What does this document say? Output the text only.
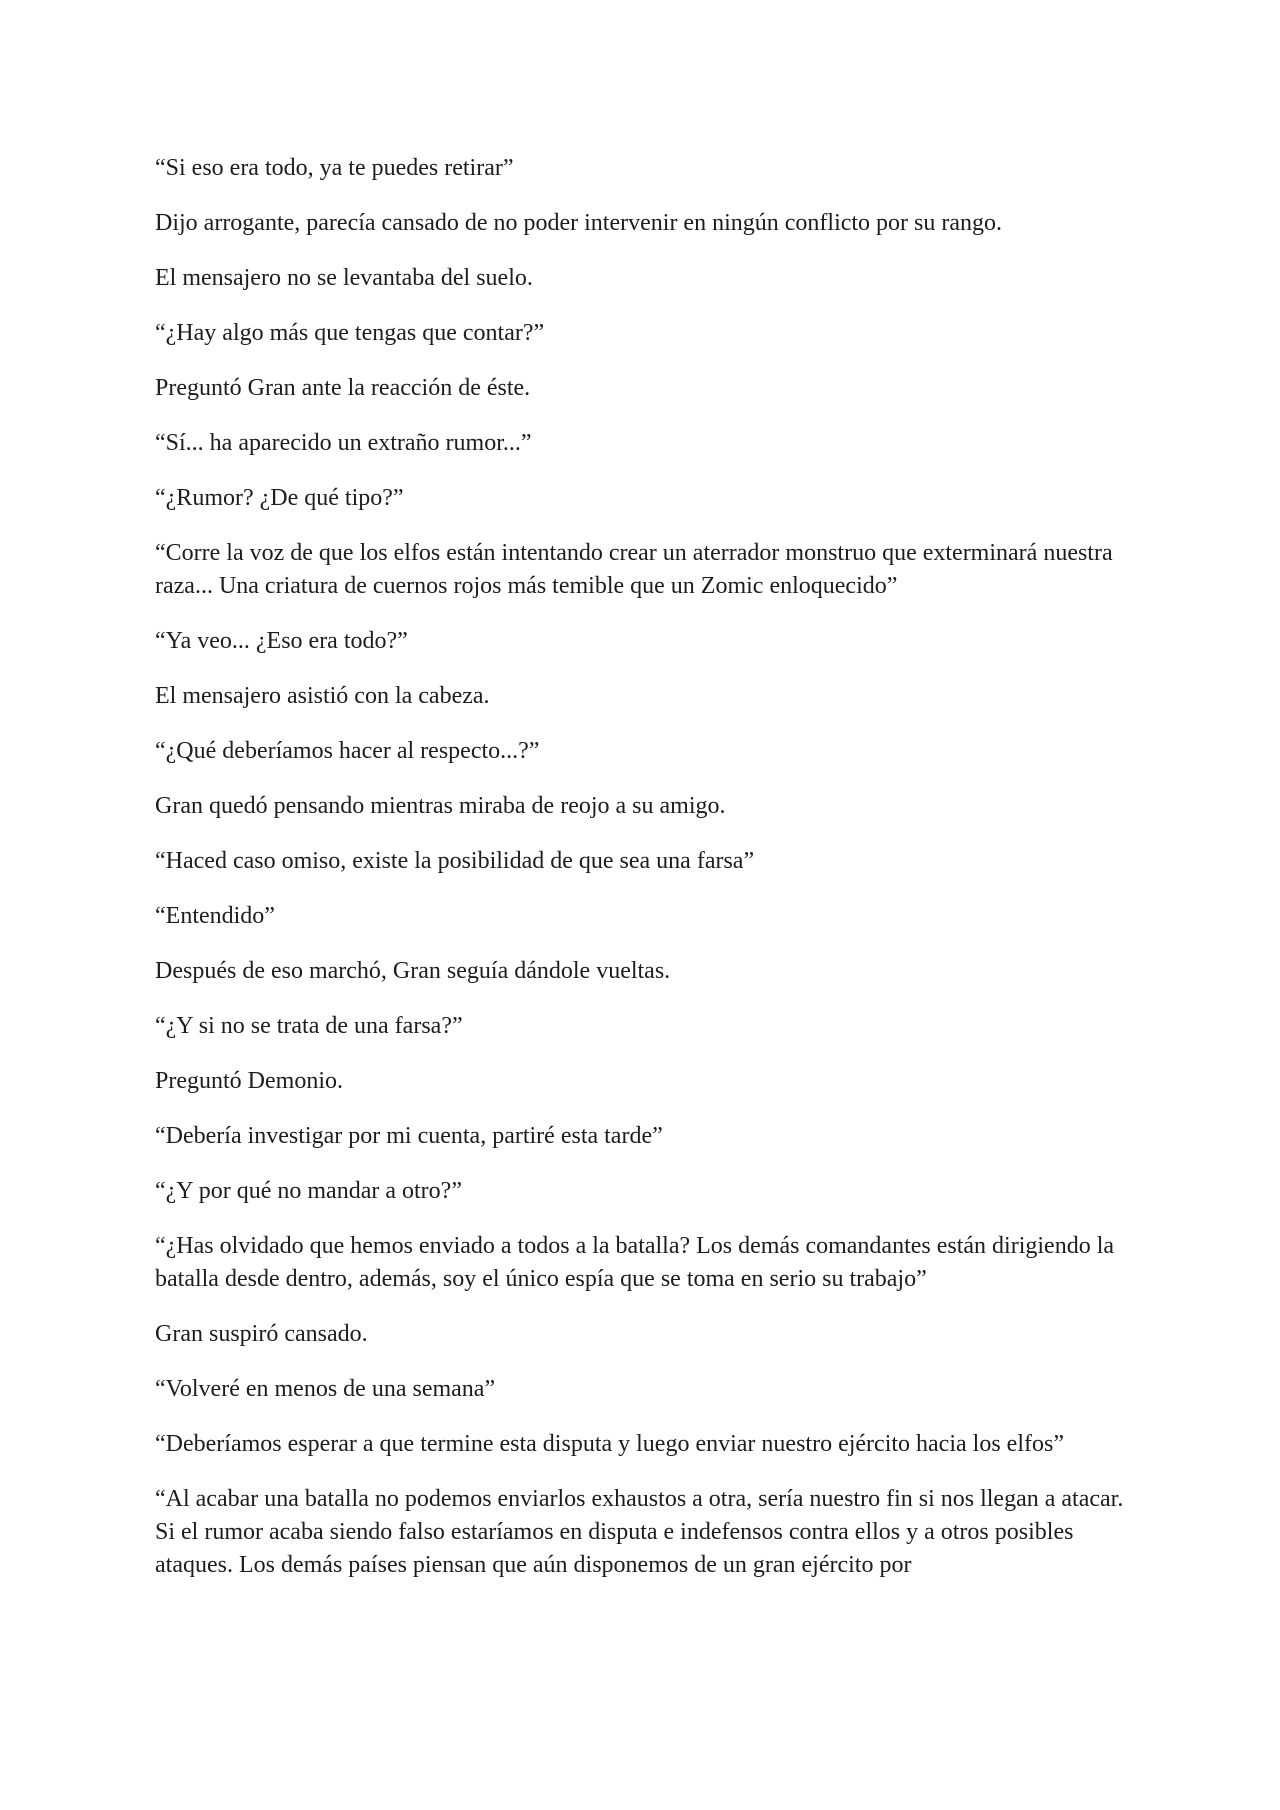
“Si eso era todo, ya te puedes retirar”

Dijo arrogante, parecía cansado de no poder intervenir en ningún conflicto por su rango.

El mensajero no se levantaba del suelo.

“¿Hay algo más que tengas que contar?”

Preguntó Gran ante la reacción de éste.

“Sí... ha aparecido un extraño rumor...”

“¿Rumor? ¿De qué tipo?”

“Corre la voz de que los elfos están intentando crear un aterrador monstruo que exterminará nuestra raza... Una criatura de cuernos rojos más temible que un Zomic enloquecido”

“Ya veo... ¿Eso era todo?”

El mensajero asistió con la cabeza.

“¿Qué deberíamos hacer al respecto...?”

Gran quedó pensando mientras miraba de reojo a su amigo.

“Haced caso omiso, existe la posibilidad de que sea una farsa”

“Entendido”

Después de eso marchó, Gran seguía dándole vueltas.

“¿Y si no se trata de una farsa?”

Preguntó Demonio.

“Debería investigar por mi cuenta, partiré esta tarde”

“¿Y por qué no mandar a otro?”

“¿Has olvidado que hemos enviado a todos a la batalla? Los demás comandantes están dirigiendo la batalla desde dentro, además, soy el único espía que se toma en serio su trabajo”

Gran suspiró cansado.

“Volveré en menos de una semana”

“Deberíamos esperar a que termine esta disputa y luego enviar nuestro ejército hacia los elfos”

“Al acabar una batalla no podemos enviarlos exhaustos a otra, sería nuestro fin si nos llegan a atacar. Si el rumor acaba siendo falso estaríamos en disputa e indefensos contra ellos y a otros posibles ataques. Los demás países piensan que aún disponemos de un gran ejército por
